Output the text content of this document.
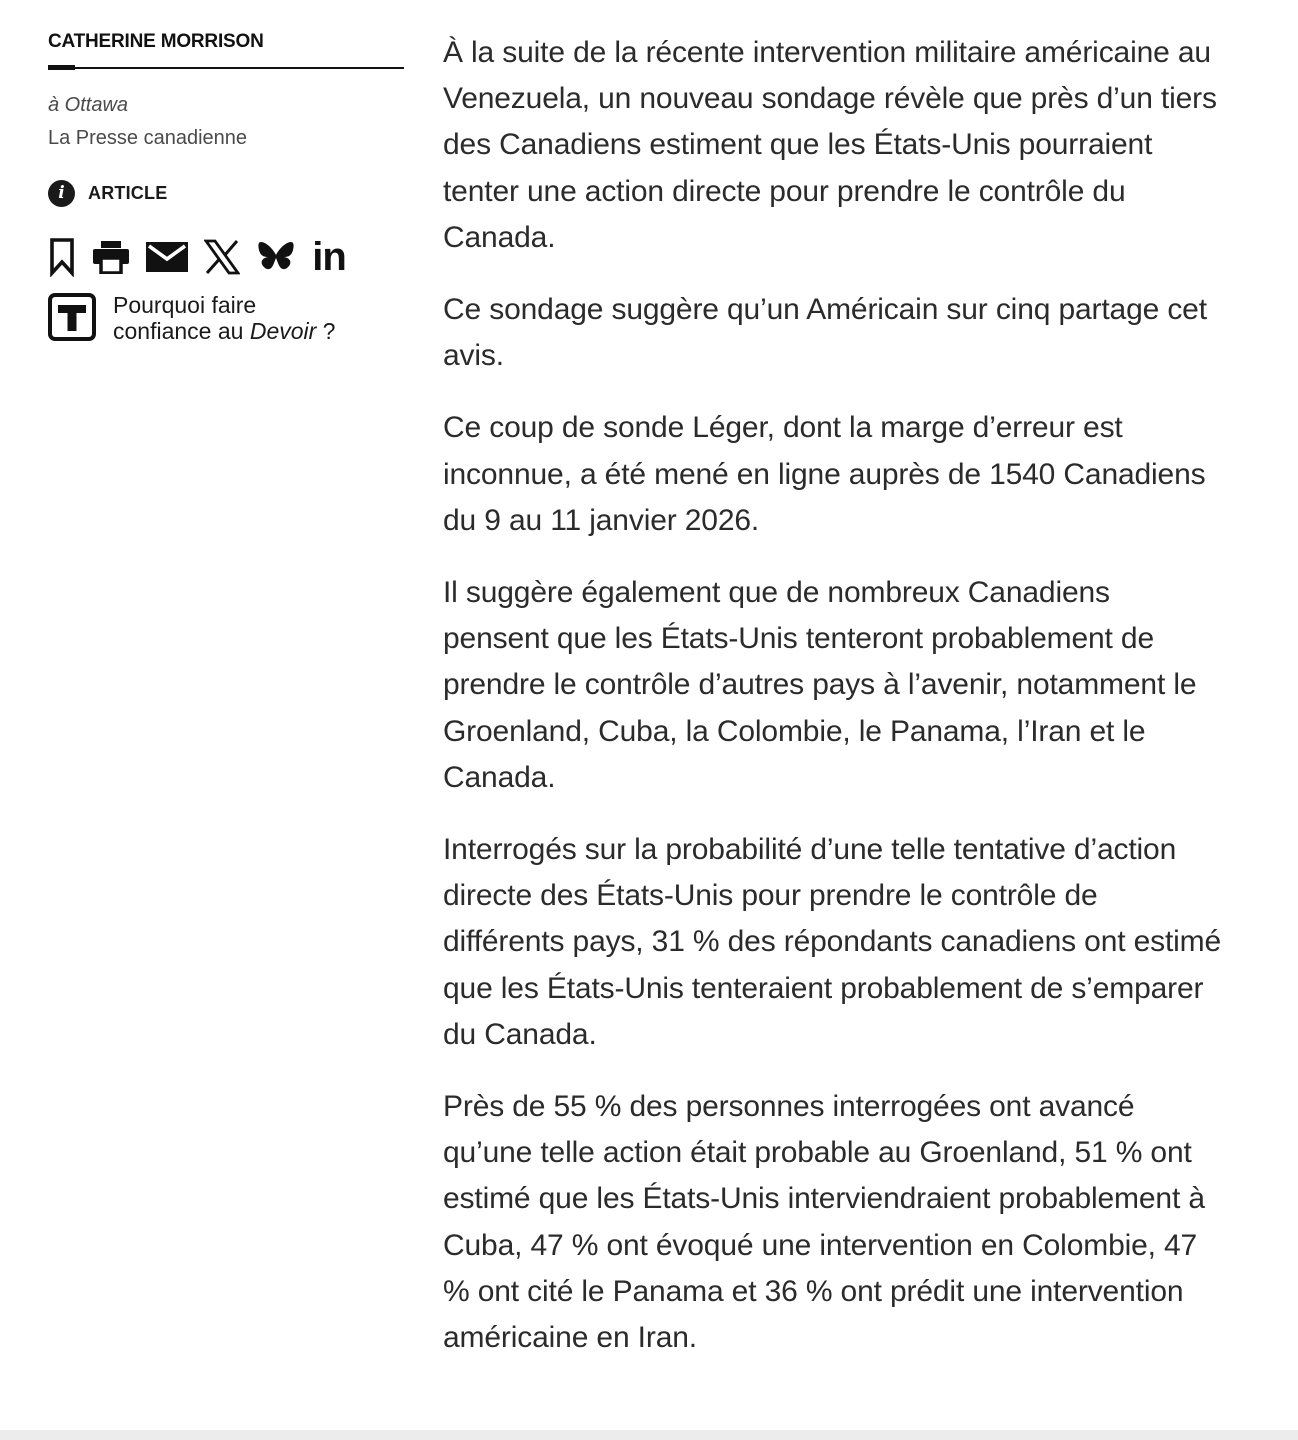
CATHERINE MORRISON
à Ottawa
La Presse canadienne
i	ARTICLE
in
Pourquoi faire
confiance au Devoir ?

À la suite de la récente intervention militaire américaine au Venezuela, un nouveau sondage révèle que près d’un tiers des Canadiens estiment que les États-Unis pourraient tenter une action directe pour prendre le contrôle du Canada.

Ce sondage suggère qu’un Américain sur cinq partage cet avis.

Ce coup de sonde Léger, dont la marge d’erreur est inconnue, a été mené en ligne auprès de 1540 Canadiens du 9 au 11 janvier 2026.

Il suggère également que de nombreux Canadiens pensent que les États-Unis tenteront probablement de prendre le contrôle d’autres pays à l’avenir, notamment le Groenland, Cuba, la Colombie, le Panama, l’Iran et le Canada.

Interrogés sur la probabilité d’une telle tentative d’action directe des États-Unis pour prendre le contrôle de différents pays, 31 % des répondants canadiens ont estimé que les États-Unis tenteraient probablement de s’emparer du Canada.

Près de 55 % des personnes interrogées ont avancé qu’une telle action était probable au Groenland, 51 % ont estimé que les États-Unis interviendraient probablement à Cuba, 47 % ont évoqué une intervention en Colombie, 47 % ont cité le Panama et 36 % ont prédit une intervention américaine en Iran.
